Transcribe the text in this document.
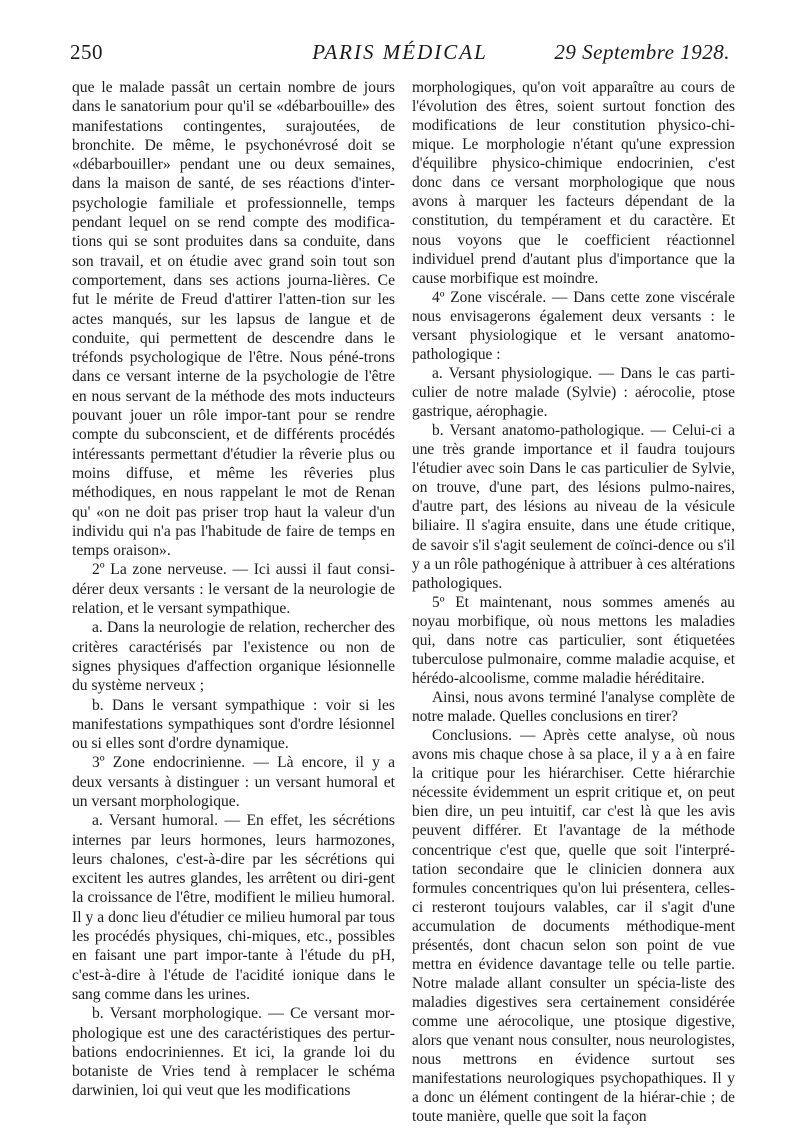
250	PARIS MÉDICAL	29 Septembre 1928.

que le malade passât un certain nombre de jours dans le sanatorium pour qu'il se «débarbouille» des manifestations contingentes, surajoutées, de bronchite. De même, le psychonévrosé doit se «débarbouiller» pendant une ou deux semaines, dans la maison de santé, de ses réactions d'inter-psychologie familiale et professionnelle, temps pendant lequel on se rend compte des modifica-tions qui se sont produites dans sa conduite, dans son travail, et on étudie avec grand soin tout son comportement, dans ses actions journa-lières. Ce fut le mérite de Freud d'attirer l'atten-tion sur les actes manqués, sur les lapsus de langue et de conduite, qui permettent de descendre dans le tréfonds psychologique de l'être. Nous péné-trons dans ce versant interne de la psychologie de l'être en nous servant de la méthode des mots inducteurs pouvant jouer un rôle impor-tant pour se rendre compte du subconscient, et de différents procédés intéressants permettant d'étudier la rêverie plus ou moins diffuse, et même les rêveries plus méthodiques, en nous rappelant le mot de Renan qu' «on ne doit pas priser trop haut la valeur d'un individu qui n'a pas l'habitude de faire de temps en temps oraison».

2º La zone nerveuse. — Ici aussi il faut consi-dérer deux versants : le versant de la neurologie de relation, et le versant sympathique.

a. Dans la neurologie de relation, rechercher des critères caractérisés par l'existence ou non de signes physiques d'affection organique lésionnelle du système nerveux ;

b. Dans le versant sympathique : voir si les manifestations sympathiques sont d'ordre lésionnel ou si elles sont d'ordre dynamique.

3º Zone endocrinienne. — Là encore, il y a deux versants à distinguer : un versant humoral et un versant morphologique.

a. Versant humoral. — En effet, les sécrétions internes par leurs hormones, leurs harmozones, leurs chalones, c'est-à-dire par les sécrétions qui excitent les autres glandes, les arrêtent ou diri-gent la croissance de l'être, modifient le milieu humoral. Il y a donc lieu d'étudier ce milieu humoral par tous les procédés physiques, chi-miques, etc., possibles en faisant une part impor-tante à l'étude du pH, c'est-à-dire à l'étude de l'acidité ionique dans le sang comme dans les urines.

b. Versant morphologique. — Ce versant mor-phologique est une des caractéristiques des pertur-bations endocriniennes. Et ici, la grande loi du botaniste de Vries tend à remplacer le schéma darwinien, loi qui veut que les modifications

morphologiques, qu'on voit apparaître au cours de l'évolution des êtres, soient surtout fonction des modifications de leur constitution physico-chi-mique. Le morphologie n'étant qu'une expression d'équilibre physico-chimique endocrinien, c'est donc dans ce versant morphologique que nous avons à marquer les facteurs dépendant de la constitution, du tempérament et du caractère. Et nous voyons que le coefficient réactionnel individuel prend d'autant plus d'importance que la cause morbifique est moindre.

4º Zone viscérale. — Dans cette zone viscérale nous envisagerons également deux versants : le versant physiologique et le versant anatomo-pathologique :

a. Versant physiologique. — Dans le cas parti-culier de notre malade (Sylvie) : aérocolie, ptose gastrique, aérophagie.

b. Versant anatomo-pathologique. — Celui-ci a une très grande importance et il faudra toujours l'étudier avec soin Dans le cas particulier de Sylvie, on trouve, d'une part, des lésions pulmo-naires, d'autre part, des lésions au niveau de la vésicule biliaire. Il s'agira ensuite, dans une étude critique, de savoir s'il s'agit seulement de coïnci-dence ou s'il y a un rôle pathogénique à attribuer à ces altérations pathologiques.

5º Et maintenant, nous sommes amenés au noyau morbifique, où nous mettons les maladies qui, dans notre cas particulier, sont étiquetées tuberculose pulmonaire, comme maladie acquise, et hérédo-alcoolisme, comme maladie héréditaire.

Ainsi, nous avons terminé l'analyse complète de notre malade. Quelles conclusions en tirer?

Conclusions. — Après cette analyse, où nous avons mis chaque chose à sa place, il y a à en faire la critique pour les hiérarchiser. Cette hiérarchie nécessite évidemment un esprit critique et, on peut bien dire, un peu intuitif, car c'est là que les avis peuvent différer. Et l'avantage de la méthode concentrique c'est que, quelle que soit l'interpré-tation secondaire que le clinicien donnera aux formules concentriques qu'on lui présentera, celles-ci resteront toujours valables, car il s'agit d'une accumulation de documents méthodique-ment présentés, dont chacun selon son point de vue mettra en évidence davantage telle ou telle partie. Notre malade allant consulter un spécia-liste des maladies digestives sera certainement considérée comme une aérocolique, une ptosique digestive, alors que venant nous consulter, nous neurologistes, nous mettrons en évidence surtout ses manifestations neurologiques psychopathiques. Il y a donc un élément contingent de la hiérar-chie ; de toute manière, quelle que soit la façon
